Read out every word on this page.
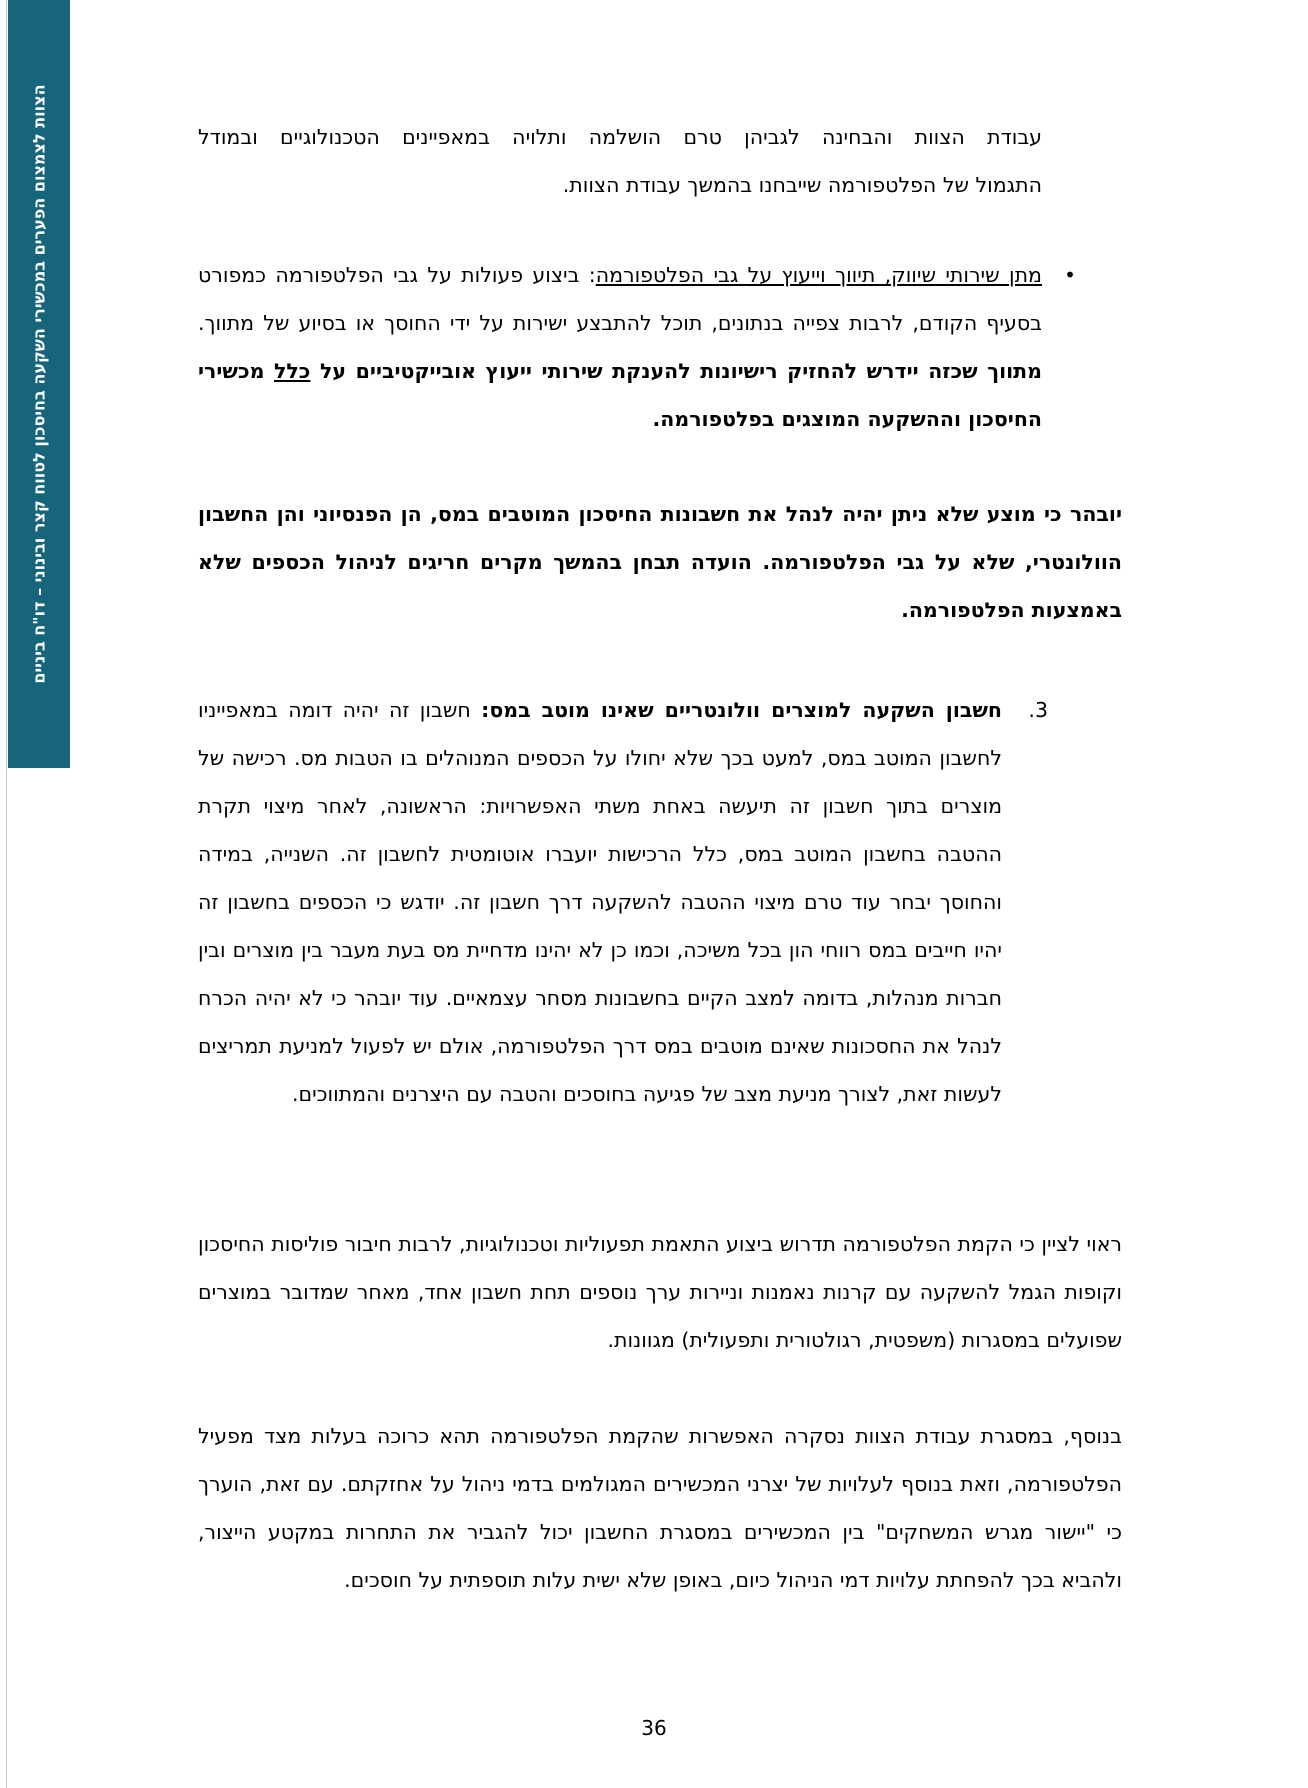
הצוות לצמצום הפערים במכשירי השקעה בחיסכון לטווח קצר ובינוני – דו"ח ביניים	עבודת הצוות והבחינה לגביהן טרם הושלמה ותלויה במאפיינים הטכנולוגיים ובמודל
התגמול של הפלטפורמה שייבחנו בהמשך עבודת הצוות.
•
מתן שירותי שיווק, תיווך וייעוץ על גבי הפלטפורמה: ביצוע פעולות על גבי הפלטפורמה כמפורט בסעיף הקודם, לרבות צפייה בנתונים, תוכל להתבצע ישירות על ידי החוסך או בסיוע של מתווך. מתווך שכזה יידרש להחזיק רישיונות להענקת שירותי ייעוץ אובייקטיביים על כלל מכשירי החיסכון וההשקעה המוצגים בפלטפורמה.
יובהר כי מוצע שלא ניתן יהיה לנהל את חשבונות החיסכון המוטבים במס, הן הפנסיוני והן החשבון הוולונטרי, שלא על גבי הפלטפורמה. הועדה תבחן בהמשך מקרים חריגים לניהול הכספים שלא באמצעות הפלטפורמה.
3.
חשבון השקעה למוצרים וולונטריים שאינו מוטב במס: חשבון זה יהיה דומה במאפייניו לחשבון המוטב במס, למעט בכך שלא יחולו על הכספים המנוהלים בו הטבות מס. רכישה של מוצרים בתוך חשבון זה תיעשה באחת משתי האפשרויות: הראשונה, לאחר מיצוי תקרת ההטבה בחשבון המוטב במס, כלל הרכישות יועברו אוטומטית לחשבון זה. השנייה, במידה והחוסך יבחר עוד טרם מיצוי ההטבה להשקעה דרך חשבון זה. יודגש כי הכספים בחשבון זה יהיו חייבים במס רווחי הון בכל משיכה, וכמו כן לא יהינו מדחיית מס בעת מעבר בין מוצרים ובין חברות מנהלות, בדומה למצב הקיים בחשבונות מסחר עצמאיים. עוד יובהר כי לא יהיה הכרח לנהל את החסכונות שאינם מוטבים במס דרך הפלטפורמה, אולם יש לפעול למניעת תמריצים לעשות זאת, לצורך מניעת מצב של פגיעה בחוסכים והטבה עם היצרנים והמתווכים.
ראוי לציין כי הקמת הפלטפורמה תדרוש ביצוע התאמת תפעוליות וטכנולוגיות, לרבות חיבור פוליסות החיסכון וקופות הגמל להשקעה עם קרנות נאמנות וניירות ערך נוספים תחת חשבון אחד, מאחר שמדובר במוצרים שפועלים במסגרות (משפטית, רגולטורית ותפעולית) מגוונות.
בנוסף, במסגרת עבודת הצוות נסקרה האפשרות שהקמת הפלטפורמה תהא כרוכה בעלות מצד מפעיל הפלטפורמה, וזאת בנוסף לעלויות של יצרני המכשירים המגולמים בדמי ניהול על אחזקתם. עם זאת, הוערך כי "יישור מגרש המשחקים" בין המכשירים במסגרת החשבון יכול להגביר את התחרות במקטע הייצור, ולהביא בכך להפחתת עלויות דמי הניהול כיום, באופן שלא ישית עלות תוספתית על חוסכים.
36
